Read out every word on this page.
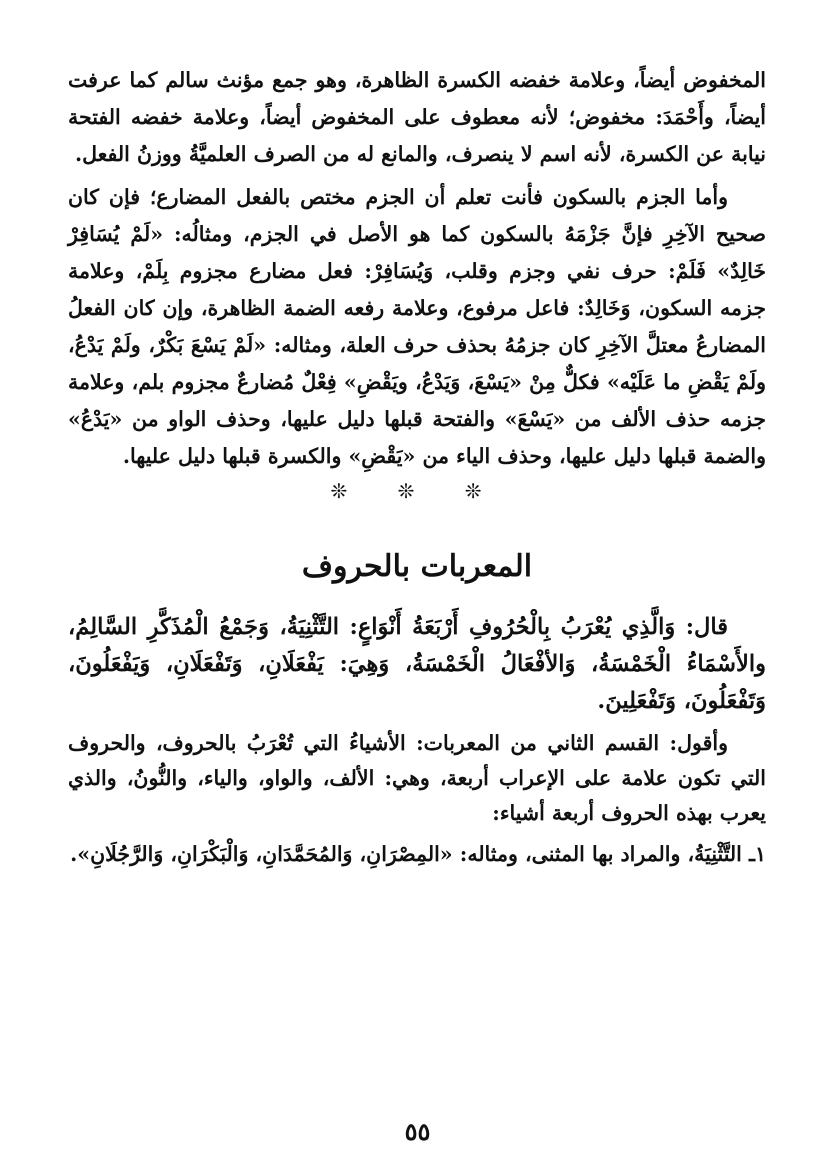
المخفوض أيضاً، وعلامة خفضه الكسرة الظاهرة، وهو جمع مؤنث سالم كما عرفت أيضاً، وأَحْمَدَ: مخفوض؛ لأنه معطوف على المخفوض أيضاً، وعلامة خفضه الفتحة نيابة عن الكسرة، لأنه اسم لا ينصرف، والمانع له من الصرف العلميَّةُ ووزنُ الفعل.

وأما الجزم بالسكون فأنت تعلم أن الجزم مختص بالفعل المضارع؛ فإن كان صحيح الآخِرِ فإنَّ جَزْمَهُ بالسكون كما هو الأصل في الجزم، ومثالُه: «لَمْ يُسَافِرْ خَالِدٌ» فَلَمْ: حرف نفي وجزم وقلب، وَيُسَافِرْ: فعل مضارع مجزوم بِلَمْ، وعلامة جزمه السكون، وَخَالِدٌ: فاعل مرفوع، وعلامة رفعه الضمة الظاهرة، وإن كان الفعلُ المضارعُ معتلَّ الآخِرِ كان جزمُهُ بحذف حرف العلة، ومثاله: «لَمْ يَسْعَ بَكْرٌ، ولَمْ يَدْعُ، ولَمْ يَقْضِ ما عَلَيْه» فكلٌّ مِنْ «يَسْعَ، وَيَدْعُ، ويَقْضِ» فِعْلٌ مُضارعٌ مجزوم بلم، وعلامة جزمه حذف الألف من «يَسْعَ» والفتحة قبلها دليل عليها، وحذف الواو من «يَدْعُ» والضمة قبلها دليل عليها، وحذف الياء من «يَقْضِ» والكسرة قبلها دليل عليها.

❊ ❊ ❊
المعربات بالحروف

قال: وَالَّذِي يُعْرَبُ بِالْحُرُوفِ أَرْبَعَةُ أَنْوَاعٍ: التَّثْنِيَةُ، وَجَمْعُ الْمُذَكَّرِ السَّالِمُ، والأَسْمَاءُ الْخَمْسَةُ، وَالأفْعَالُ الْخَمْسَةُ، وَهِيَ: يَفْعَلَانِ، وَتَفْعَلَانِ، وَيَفْعَلُونَ، وَتَفْعَلُونَ، وَتَفْعَلِينَ.

وأقول: القسم الثاني من المعربات: الأشياءُ التي تُعْرَبُ بالحروف، والحروف التي تكون علامة على الإعراب أربعة، وهي: الألف، والواو، والياء، والنُّونُ، والذي يعرب بهذه الحروف أربعة أشياء:

١ـ التَّثْنِيَةُ، والمراد بها المثنى، ومثاله: «المِصْرَانِ، وَالمُحَمَّدَانِ، وَالْبَكْرَانِ، وَالرَّجُلَانِ».

٥٥
